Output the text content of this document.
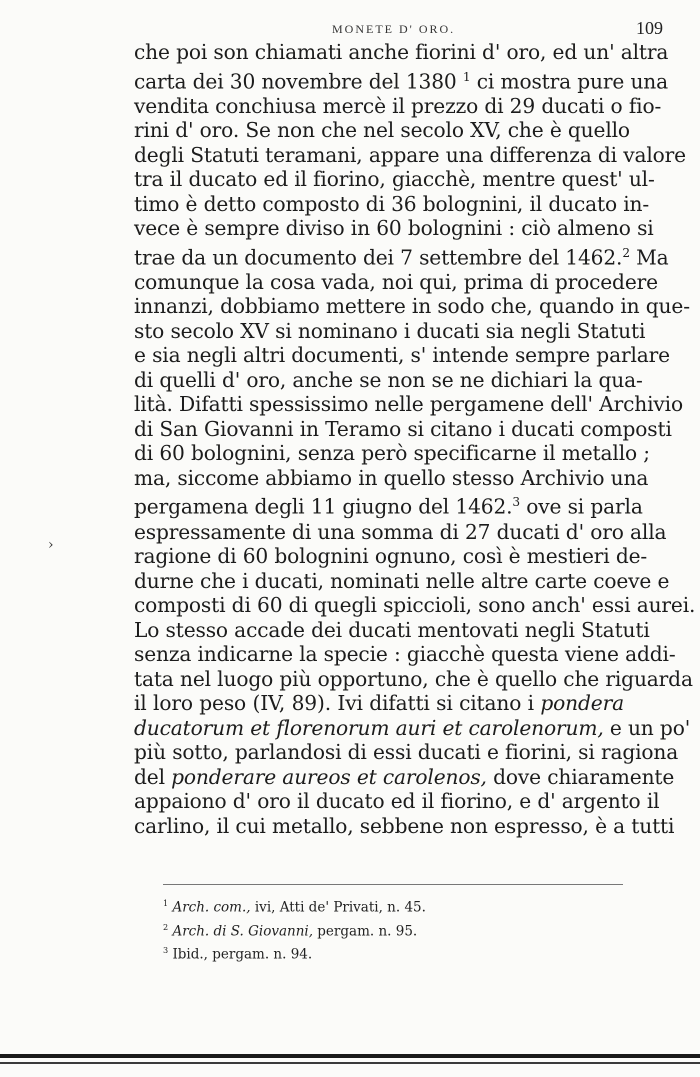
MONETE D' ORO.	109
›
che poi son chiamati anche fiorini d' oro, ed un' altra
carta dei 30 novembre del 1380 $^1$ ci mostra pure una
vendita conchiusa mercè il prezzo di 29 ducati o fio-
rini d' oro. Se non che nel secolo XV, che è quello
degli Statuti teramani, appare una differenza di valore
tra il ducato ed il fiorino, giacchè, mentre quest' ul-
timo è detto composto di 36 bolognini, il ducato in-
vece è sempre diviso in 60 bolognini : ciò almeno si
trae da un documento dei 7 settembre del 1462.$^2$ Ma
comunque la cosa vada, noi qui, prima di procedere
innanzi, dobbiamo mettere in sodo che, quando in que-
sto secolo XV si nominano i ducati sia negli Statuti
e sia negli altri documenti, s' intende sempre parlare
di quelli d' oro, anche se non se ne dichiari la qua-
lità. Difatti spessissimo nelle pergamene dell' Archivio
di San Giovanni in Teramo si citano i ducati composti
di 60 bolognini, senza però specificarne il metallo ;
ma, siccome abbiamo in quello stesso Archivio una
pergamena degli 11 giugno del 1462.$^3$ ove si parla
espressamente di una somma di 27 ducati d' oro alla
ragione di 60 bolognini ognuno, così è mestieri de-
durne che i ducati, nominati nelle altre carte coeve e
composti di 60 di quegli spiccioli, sono anch' essi aurei.
Lo stesso accade dei ducati mentovati negli Statuti
senza indicarne la specie : giacchè questa viene addi-
tata nel luogo più opportuno, che è quello che riguarda
il loro peso (IV, 89). Ivi difatti si citano i pondera
ducatorum et florenorum auri et carolenorum, e un po'
più sotto, parlandosi di essi ducati e fiorini, si ragiona
del ponderare aureos et carolenos, dove chiaramente
appaiono d' oro il ducato ed il fiorino, e d' argento il
carlino, il cui metallo, sebbene non espresso, è a tutti
$^1$ Arch. com., ivi, Atti de' Privati, n. 45.
$^2$ Arch. di S. Giovanni, pergam. n. 95.
$^3$ Ibid., pergam. n. 94.
